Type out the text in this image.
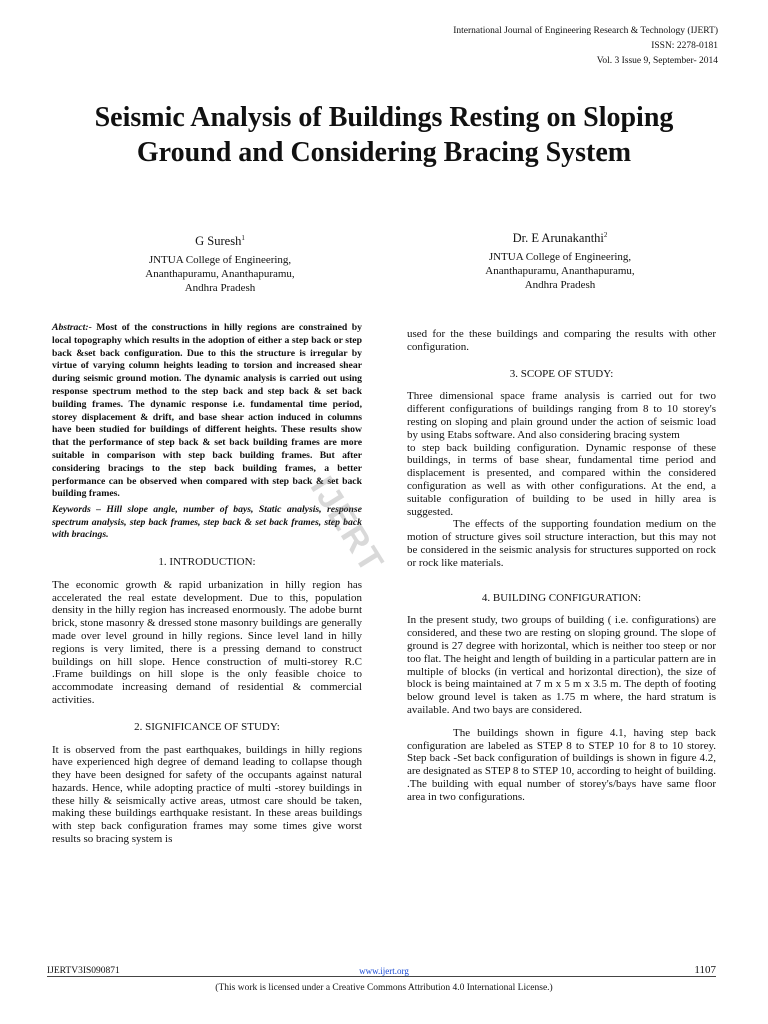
International Journal of Engineering Research & Technology (IJERT)
ISSN: 2278-0181
Vol. 3 Issue 9, September- 2014
Seismic Analysis of Buildings Resting on Sloping Ground and Considering Bracing System
G Suresh$^1$
JNTUA College of Engineering,
Ananthapuramu, Ananthapuramu,
Andhra Pradesh
Dr. E Arunakanthi$^2$
JNTUA College of Engineering,
Ananthapuramu, Ananthapuramu,
Andhra Pradesh

Abstract:- Most of the constructions in hilly regions are constrained by local topography which results in the adoption of either a step back or step back &set back configuration. Due to this the structure is irregular by virtue of varying column heights leading to torsion and increased shear during seismic ground motion. The dynamic analysis is carried out using response spectrum method to the step back and step back & set back building frames. The dynamic response i.e. fundamental time period, storey displacement & drift, and base shear action induced in columns have been studied for buildings of different heights. These results show that the performance of step back & set back building frames are more suitable in comparison with step back building frames. But after considering bracings to the step back building frames, a better performance can be observed when compared with step back & set back building frames.

Keywords – Hill slope angle, number of bays, Static analysis, response spectrum analysis, step back frames, step back & set back frames, step back with bracings.

1. INTRODUCTION:

The economic growth & rapid urbanization in hilly region has accelerated the real estate development. Due to this, population density in the hilly region has increased enormously. The adobe burnt brick, stone masonry & dressed stone masonry buildings are generally made over level ground in hilly regions. Since level land in hilly regions is very limited, there is a pressing demand to construct buildings on hill slope. Hence construction of multi-storey R.C .Frame buildings on hill slope is the only feasible choice to accommodate increasing demand of residential & commercial activities.

2. SIGNIFICANCE OF STUDY:

It is observed from the past earthquakes, buildings in hilly regions have experienced high degree of demand leading to collapse though they have been designed for safety of the occupants against natural hazards. Hence, while adopting practice of multi -storey buildings in these hilly & seismically active areas, utmost care should be taken, making these buildings earthquake resistant. In these areas buildings with step back configuration frames may some times give worst results so bracing system is

used for the these buildings and comparing the results with other configuration.

3. SCOPE OF STUDY:

Three dimensional space frame analysis is carried out for two different configurations of buildings ranging from 8 to 10 storey's resting on sloping and plain ground under the action of seismic load by using Etabs software. And also considering bracing system

to step back building configuration. Dynamic response of these buildings, in terms of base shear, fundamental time period and displacement is presented, and compared within the considered configuration as well as with other configurations. At the end, a suitable configuration of building to be used in hilly area is suggested.

The effects of the supporting foundation medium on the motion of structure gives soil structure interaction, but this may not be considered in the seismic analysis for structures supported on rock or rock like materials.

4. BUILDING CONFIGURATION:

In the present study, two groups of building ( i.e. configurations) are considered, and these two are resting on sloping ground. The slope of ground is 27 degree with horizontal, which is neither too steep or nor too flat. The height and length of building in a particular pattern are in multiple of blocks (in vertical and horizontal direction), the size of block is being maintained at 7 m x 5 m x 3.5 m. The depth of footing below ground level is taken as 1.75 m where, the hard stratum is available. And two bays are considered.

The buildings shown in figure 4.1, having step back configuration are labeled as STEP 8 to STEP 10 for 8 to 10 storey. Step back -Set back configuration of buildings is shown in figure 4.2, are designated as STEP 8 to STEP 10, according to height of building. .The building with equal number of storey's/bays have same floor area in two configurations.

IJERT
IJERTV3IS090871	www.ijert.org	1107
(This work is licensed under a Creative Commons Attribution 4.0 International License.)
